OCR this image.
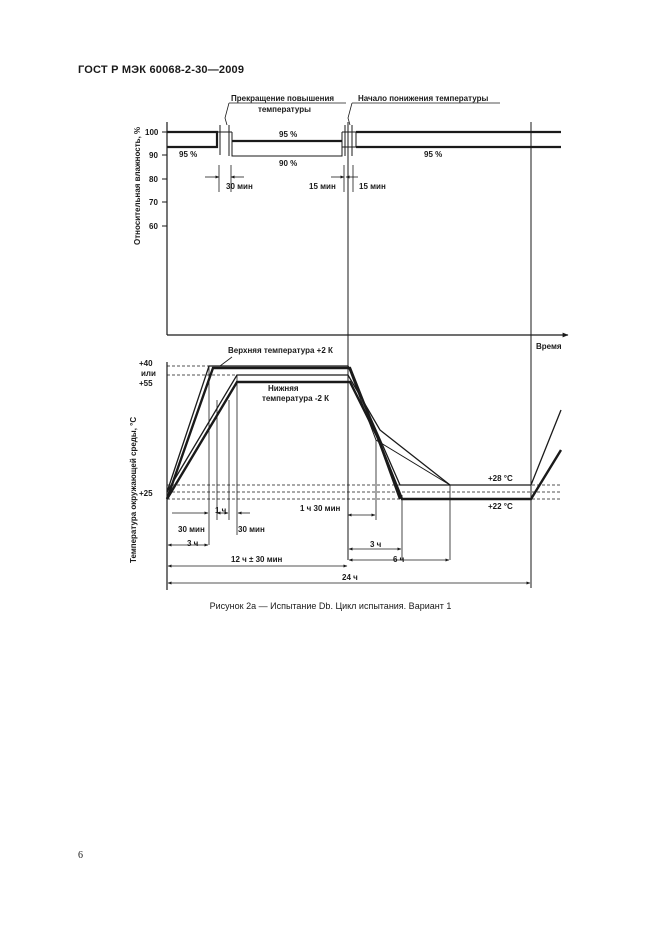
ГОСТ Р МЭК 60068-2-30—2009
Прекращение повышения
температуры
Начало понижения температуры
Относительная влажность, % 100
90
80
70
60
95 %
95 %
90 %
95 %
30 мин	15 мин	15 мин
Время
Температура окружающей среды, °С
+40
или
+55
+25
Верхняя температура +2 К
Нижняя
температура -2 К
+28 °С
+22 °С
30 мин
1 ч
30 мин
1 ч 30 мин
3 ч	3 ч
6 ч
12 ч ± 30 мин
24 ч
Рисунок 2а — Испытание Db. Цикл испытания. Вариант 1
6
